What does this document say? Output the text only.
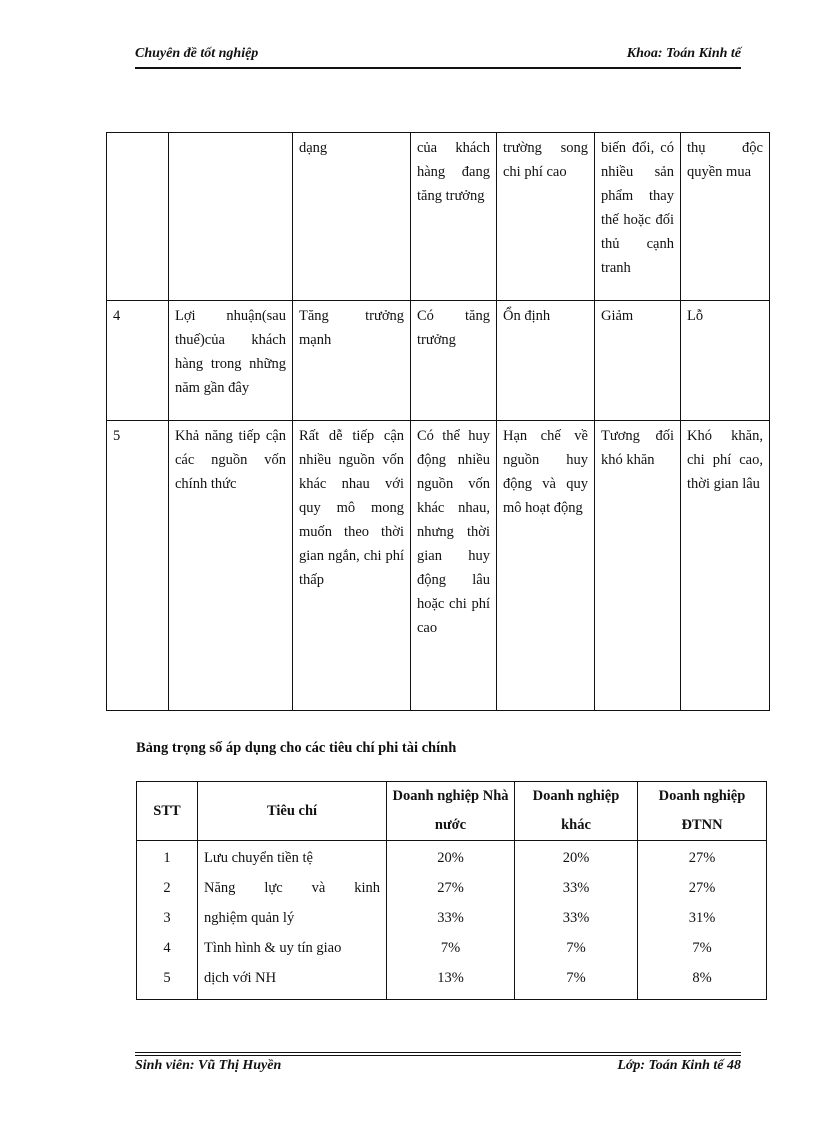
Chuyên đề tốt nghiệp	Khoa: Toán Kinh tế
		dạng	của khách hàng đang tăng trưởng	trường song chi phí cao	biến đổi, có nhiều sản phẩm thay thế hoặc đối thủ cạnh tranh	thụ độc quyền mua
4	Lợi nhuận(sau thuế)của khách hàng trong những năm gần đây	Tăng trưởng mạnh	Có tăng trưởng	Ổn định	Giảm	Lỗ
5	Khả năng tiếp cận các nguồn vốn chính thức	Rất dễ tiếp cận nhiều nguồn vốn khác nhau với quy mô mong muốn theo thời gian ngắn, chi phí thấp	Có thể huy động nhiều nguồn vốn khác nhau, nhưng thời gian huy động lâu hoặc chi phí cao	Hạn chế về nguồn huy động và quy mô hoạt động	Tương đối khó khăn	Khó khăn, chi phí cao, thời gian lâu
Bảng trọng số áp dụng cho các tiêu chí phi tài chính
STT	Tiêu chí	Doanh nghiệp Nhà nước	Doanh nghiệp khác	Doanh nghiệp ĐTNN
1	Lưu chuyển tiền tệ	20%	20%	27%
2	Năng lực và kinh	27%	33%	27%
3	nghiệm quản lý	33%	33%	31%
4	Tình hình & uy tín giao	7%	7%	7%
5	dịch với NH	13%	7%	8%
Sinh viên: Vũ Thị Huyền	Lớp: Toán Kinh tế 48
